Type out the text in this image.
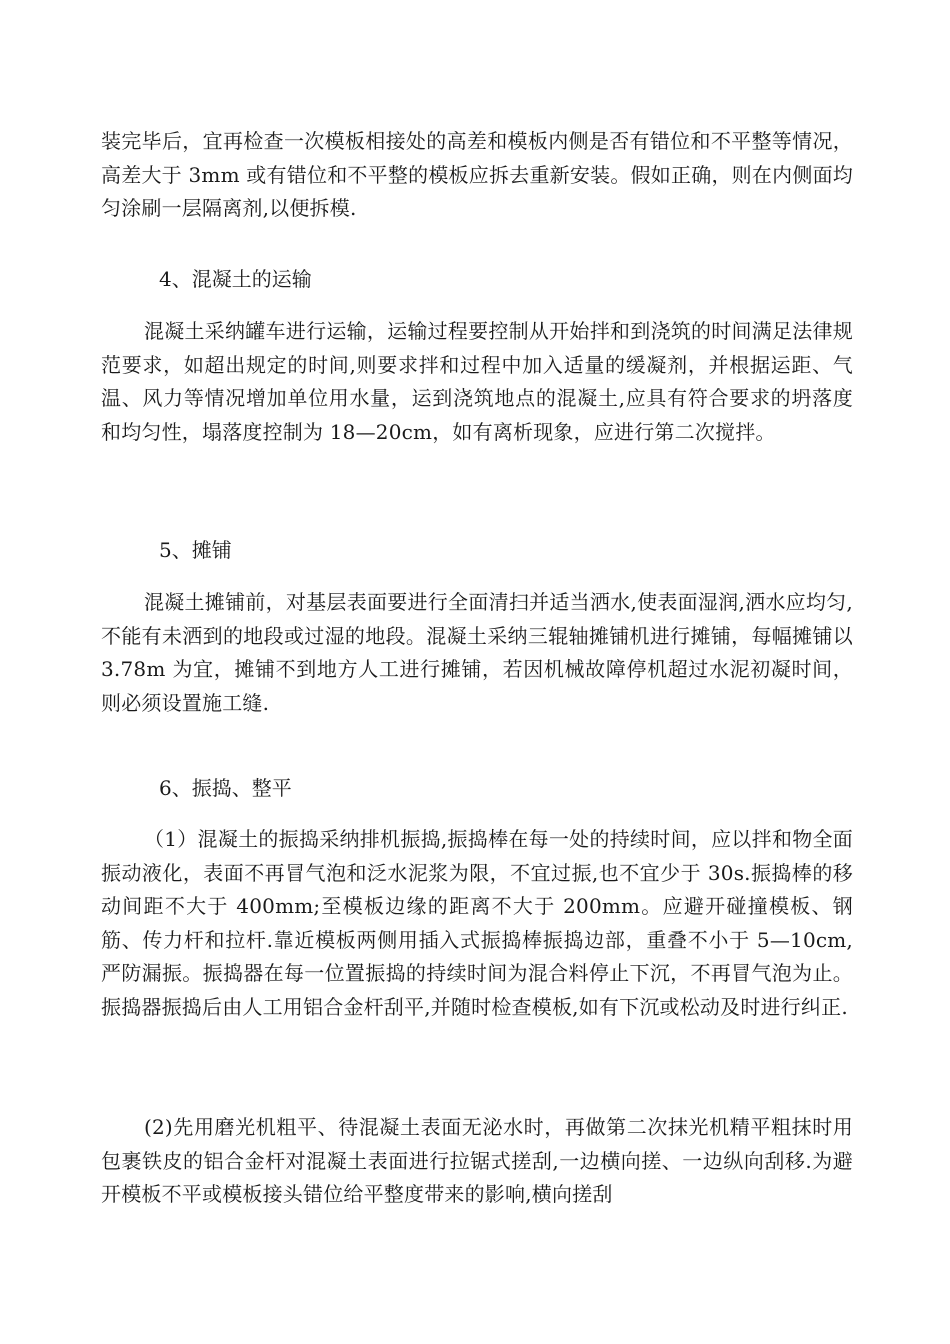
装完毕后，宜再检查一次模板相接处的高差和模板内侧是否有错位和不平整等情况，高差大于 3mm 或有错位和不平整的模板应拆去重新安装。假如正确，则在内侧面均匀涂刷一层隔离剂,以便拆模.

4、混凝土的运输

混凝土采纳罐车进行运输，运输过程要控制从开始拌和到浇筑的时间满足法律规范要求，如超出规定的时间,则要求拌和过程中加入适量的缓凝剂，并根据运距、气温、风力等情况增加单位用水量，运到浇筑地点的混凝土,应具有符合要求的坍落度和均匀性，塌落度控制为 18—20cm，如有离析现象，应进行第二次搅拌。

5、摊铺

混凝土摊铺前，对基层表面要进行全面清扫并适当洒水,使表面湿润,洒水应均匀,不能有未洒到的地段或过湿的地段。混凝土采纳三辊轴摊铺机进行摊铺，每幅摊铺以 3.78m 为宜，摊铺不到地方人工进行摊铺，若因机械故障停机超过水泥初凝时间，则必须设置施工缝.

6、振捣、整平

（1）混凝土的振捣采纳排机振捣,振捣棒在每一处的持续时间，应以拌和物全面振动液化，表面不再冒气泡和泛水泥浆为限，不宜过振,也不宜少于 30s.振捣棒的移动间距不大于 400mm;至模板边缘的距离不大于 200mm。应避开碰撞模板、钢筋、传力杆和拉杆.靠近模板两侧用插入式振捣棒振捣边部，重叠不小于 5—10cm,严防漏振。振捣器在每一位置振捣的持续时间为混合料停止下沉，不再冒气泡为止。振捣器振捣后由人工用铝合金杆刮平,并随时检查模板,如有下沉或松动及时进行纠正.

(2)先用磨光机粗平、待混凝土表面无泌水时，再做第二次抹光机精平粗抹时用包裹铁皮的铝合金杆对混凝土表面进行拉锯式搓刮,一边横向搓、一边纵向刮移.为避开模板不平或模板接头错位给平整度带来的影响,横向搓刮
